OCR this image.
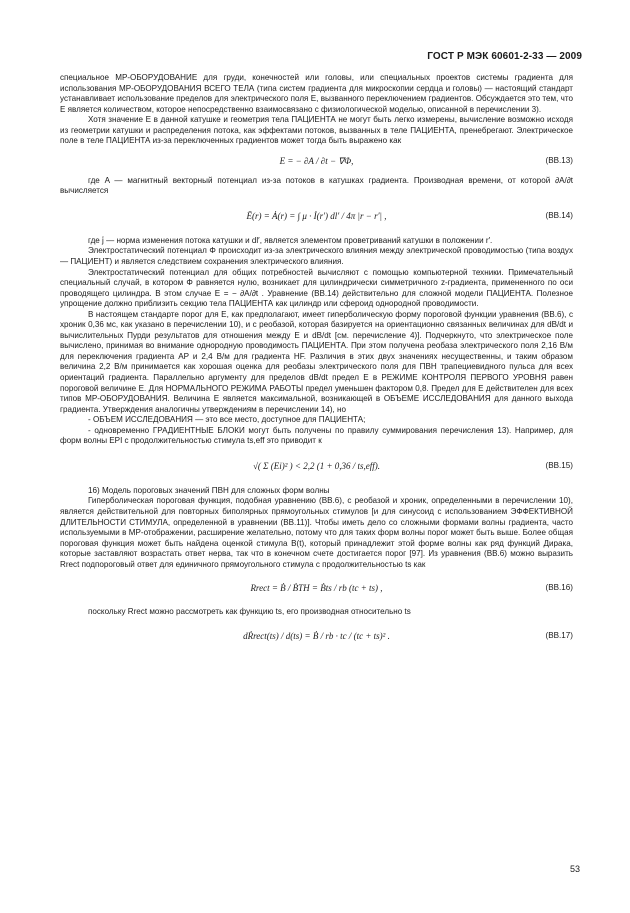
ГОСТ Р МЭК 60601-2-33 — 2009

специальное МР-ОБОРУДОВАНИЕ для груди, конечностей или головы, или специальных проектов системы градиента для использования МР-ОБОРУДОВАНИЯ ВСЕГО ТЕЛА (типа систем градиента для микроскопии сердца и головы) — настоящий стандарт устанавливает использование пределов для электрического поля E, вызванного переключением градиентов. Обсуждается это тем, что E является количеством, которое непосредственно взаимосвязано с физиологической моделью, описанной в перечислении 3).

Хотя значение E в данной катушке и геометрия тела ПАЦИЕНТА не могут быть легко измерены, вычисление возможно исходя из геометрии катушки и распределения потока, как эффектами потоков, вызванных в теле ПАЦИЕНТА, пренебрегают. Электрическое поле в теле ПАЦИЕНТА из-за переключенных градиентов может тогда быть выражено как

E = − ∂A / ∂t − ∇Φ,	(ВВ.13)

где A — магнитный векторный потенциал из-за потоков в катушках градиента. Производная времени, от которой ∂A/∂t вычисляется

Ē(r) = Ȧ(r) = ∫ μ · İ(r′) dl′ / 4π |r − r′| ,	(ВВ.14)

где j̇ — норма изменения потока катушки и dl′, является элементом проветриваний катушки в положении r′.

Электростатический потенциал Φ происходит из-за электрического влияния между электрической проводимостью (типа воздух — ПАЦИЕНТ) и является следствием сохранения электрического влияния.

Электростатический потенциал для общих потребностей вычисляют с помощью компьютерной техники. Примечательный специальный случай, в котором Φ равняется нулю, возникает для цилиндрически симметричного z-градиента, примененного по оси проводящего цилиндра. В этом случае E = − ∂A/∂t . Уравнение (ВВ.14) действительно для сложной модели ПАЦИЕНТА. Полезное упрощение должно приблизить секцию тела ПАЦИЕНТА как цилиндр или сфероид однородной проводимости.

В настоящем стандарте порог для E, как предполагают, имеет гиперболическую форму пороговой функции уравнения (ВВ.6), с хроник 0,36 мс, как указано в перечислении 10), и с реобазой, которая базируется на ориентационно связанных величинах для dB/dt и вычислительных Пурди результатов для отношения между E и dB/dt [см. перечисление 4)]. Подчеркнуто, что электрическое поле вычислено, принимая во внимание однородную проводимость ПАЦИЕНТА. При этом получена реобаза электрического поля 2,16 В/м для переключения градиента AP и 2,4 В/м для градиента HF. Различия в этих двух значениях несущественны, и таким образом величина 2,2 В/м принимается как хорошая оценка для реобазы электрического поля для ПВН трапециевидного пульса для всех ориентаций градиента. Параллельно аргументу для пределов dB/dt предел E в РЕЖИМЕ КОНТРОЛЯ ПЕРВОГО УРОВНЯ равен пороговой величине E. Для НОРМАЛЬНОГО РЕЖИМА РАБОТЫ предел уменьшен фактором 0,8. Предел для E действителен для всех типов МР-ОБОРУДОВАНИЯ. Величина E является максимальной, возникающей в ОБЪЕМЕ ИССЛЕДОВАНИЯ для данного выхода градиента. Утверждения аналогичны утверждениям в перечислении 14), но

- ОБЪЕМ ИССЛЕДОВАНИЯ — это все место, доступное для ПАЦИЕНТА;

- одновременно ГРАДИЕНТНЫЕ БЛОКИ могут быть получены по правилу суммирования перечисления 13). Например, для форм волны EPI с продолжительностью стимула ts,eff это приводит к

√( Σ (Ei)² ) < 2,2 (1 + 0,36 / ts,eff).	(ВВ.15)

16) Модель пороговых значений ПВН для сложных форм волны

Гиперболическая пороговая функция, подобная уравнению (ВВ.6), с реобазой и хроник, определенными в перечислении 10), является действительной для повторных биполярных прямоугольных стимулов [и для синусоид с использованием ЭФФЕКТИВНОЙ ДЛИТЕЛЬНОСТИ СТИМУЛА, определенной в уравнении (ВВ.11)]. Чтобы иметь дело со сложными формами волны градиента, часто используемыми в МР-отображении, расширение желательно, потому что для таких форм волны порог может быть выше. Более общая пороговая функция может быть найдена оценкой стимула B(t), который принадлежит этой форме волны как ряд функций Дирака, которые заставляют возрастать ответ нерва, так что в конечном счете достигается порог [97]. Из уравнения (ВВ.6) можно выразить Rrect подпороговый ответ для единичного прямоугольного стимула с продолжительностью ts как

Rrect = Ḃ / ḂTH = Ḃts / rb (tc + ts) ,	(ВВ.16)

поскольку Rrect можно рассмотреть как функцию ts, его производная относительно ts

dṘrect(ts) / d(ts) = Ḃ / rb · tc / (tc + ts)² .	(ВВ.17)
53
